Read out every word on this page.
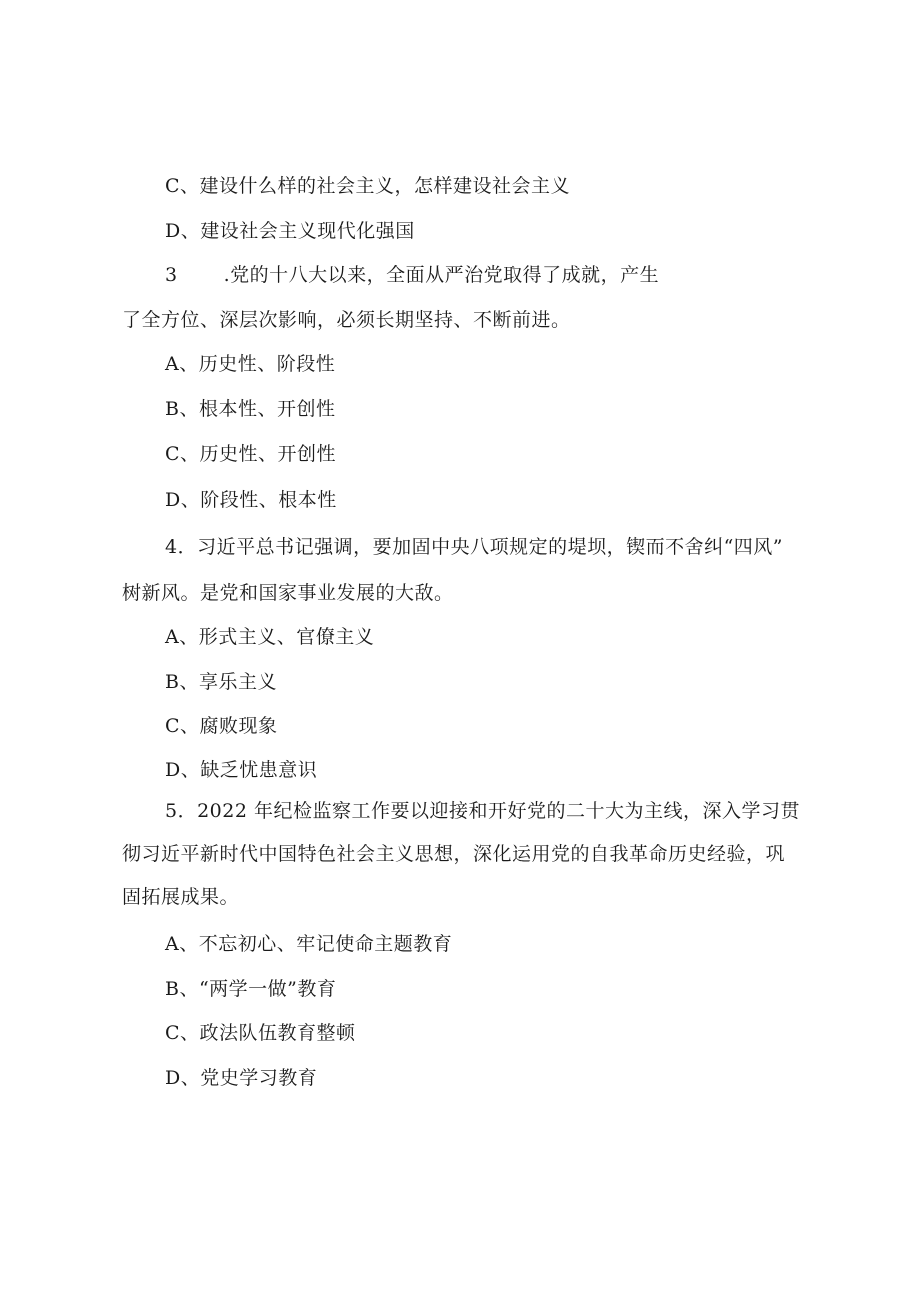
C、建设什么样的社会主义，怎样建设社会主义
D、建设社会主义现代化强国
3 .党的十八大以来，全面从严治党取得了成就，产生
了全方位、深层次影响，必须长期坚持、不断前进。
A、历史性、阶段性
B、根本性、开创性
C、历史性、开创性
D、阶段性、根本性
4．习近平总书记强调，要加固中央八项规定的堤坝，锲而不舍纠“四风”
树新风。是党和国家事业发展的大敌。
A、形式主义、官僚主义
B、享乐主义
C、腐败现象
D、缺乏忧患意识
5．2022 年纪检监察工作要以迎接和开好党的二十大为主线，深入学习贯
彻习近平新时代中国特色社会主义思想，深化运用党的自我革命历史经验，巩
固拓展成果。
A、不忘初心、牢记使命主题教育
B、“两学一做”教育
C、政法队伍教育整顿
D、党史学习教育
